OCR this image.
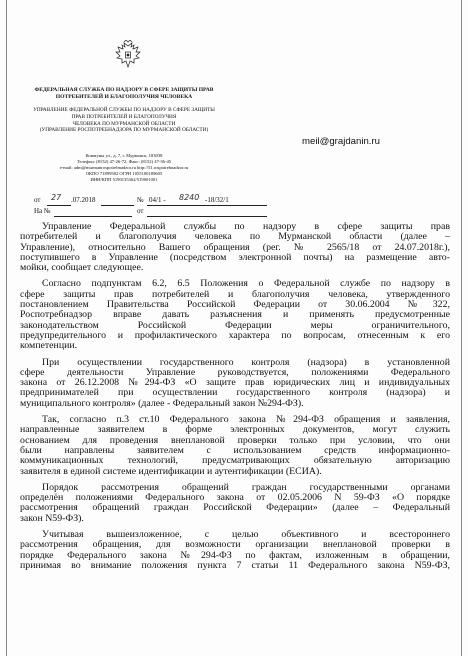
ФЕДЕРАЛЬНАЯ СЛУЖБА ПО НАДЗОРУ В СФЕРЕ ЗАЩИТЫ ПРАВ
ПОТРЕБИТЕЛЕЙ И БЛАГОПОЛУЧИЯ ЧЕЛОВЕКА
УПРАВЛЕНИЕ ФЕДЕРАЛЬНОЙ СЛУЖБЫ ПО НАДЗОРУ В СФЕРЕ ЗАЩИТЫ
ПРАВ ПОТРЕБИТЕЛЕЙ И БЛАГОПОЛУЧИЯ
ЧЕЛОВЕКА ПО МУРМАНСКОЙ ОБЛАСТИ
(УПРАВЛЕНИЕ РОСПОТРЕБНАДЗОРА ПО МУРМАНСКОЙ ОБЛАСТИ)
Коммуны ул., д. 7, г. Мурманск, 183038
Телефон: (8152) 47-26-72, Факс: (8152) 47-36-45
е-mail: adm@murmanrospotrebnadzor.ru http://51.rospotrebnadzor.ru
ОКПО 71899582 ОГРН 1055100189605
ИНН/КПП 5190135362/519001001
meil@grajdanin.ru
от 27 .07.2018	№ 04/1 - 8240 -18/32/1
На №	от

Управление Федеральной службы по надзору в сфере защиты прав
потребителей и благополучия человека по Мурманской области (далее –
Управление), относительно Вашего обращения (рег. № 2565/18 от 24.07.2018г.),
поступившего в Управление (посредством электронной почты) на размещение авто-
мойки, сообщает следующее.

Согласно подпунктам 6.2, 6.5 Положения о Федеральной службе по надзору в
сфере защиты прав потребителей и благополучия человека, утвержденного
постановлением Правительства Российской Федерации от 30.06.2004 №322,
Роспотребнадзор вправе давать разъяснения и применять предусмотренные
законодательством Российской Федерации меры ограничительного,
предупредительного и профилактического характера по вопросам, отнесенным к его
компетенции.

При осуществлении государственного контроля (надзора) в установленной
сфере деятельности Управление руководствуется, положениями Федерального
закона от 26.12.2008 №294-ФЗ «О защите прав юридических лиц и индивидуальных
предпринимателей при осуществлении государственного контроля (надзора) и
муниципального контроля» (далее - Федеральный закон №294-ФЗ).

Так, согласно п.3 ст.10 Федерального закона №294-ФЗ обращения и заявления,
направленные заявителем в форме электронных документов, могут служить
основанием для проведения внеплановой проверки только при условии, что они
были направлены заявителем с использованием средств информационно-
коммуникационных технологий, предусматривающих обязательную авторизацию
заявителя в единой системе идентификации и аутентификации (ЕСИА).

Порядок рассмотрения обращений граждан государственными органами
определён положениями Федерального закона от 02.05.2006 N 59-ФЗ «О порядке
рассмотрения обращений граждан Российской Федерации» (далее – Федеральный
закон N59-ФЗ).

Учитывая вышеизложенное, с целью объективного и всестороннего
рассмотрения обращения, для возможности организации внеплановой проверки в
порядке Федерального закона №294-ФЗ по фактам, изложенным в обращении,
принимая во внимание положения пункта 7 статьи 11 Федерального закона N59-ФЗ,
